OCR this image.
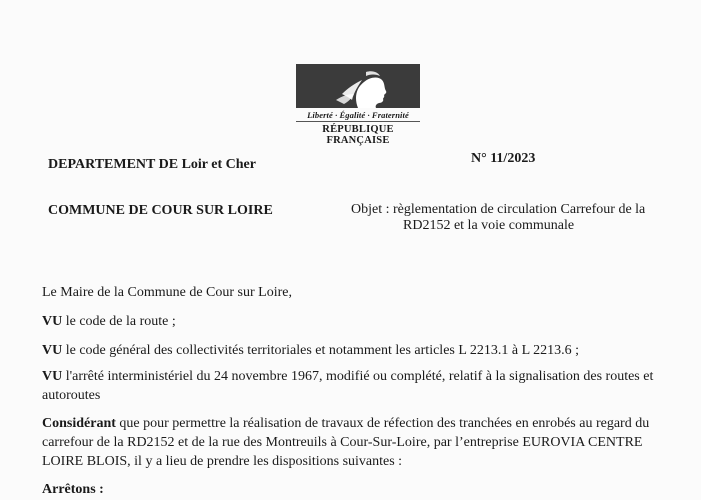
Liberté · Égalité · Fraternité
RÉPUBLIQUE FRANÇAISE
DEPARTEMENT DE Loir et Cher	N° 11/2023
COMMUNE DE COUR SUR LOIRE	Objet : règlementation de circulation Carrefour de la
RD2152 et la voie communale
Le Maire de la Commune de Cour sur Loire,
VU le code de la route ;
VU le code général des collectivités territoriales et notamment les articles L 2213.1 à L 2213.6 ;
VU l'arrêté interministériel du 24 novembre 1967, modifié ou complété, relatif à la signalisation des routes et autoroutes
Considérant que pour permettre la réalisation de travaux de réfection des tranchées en enrobés au regard du carrefour de la RD2152 et de la rue des Montreuils à Cour-Sur-Loire, par l’entreprise EUROVIA CENTRE LOIRE BLOIS, il y a lieu de prendre les dispositions suivantes :
Arrêtons :
